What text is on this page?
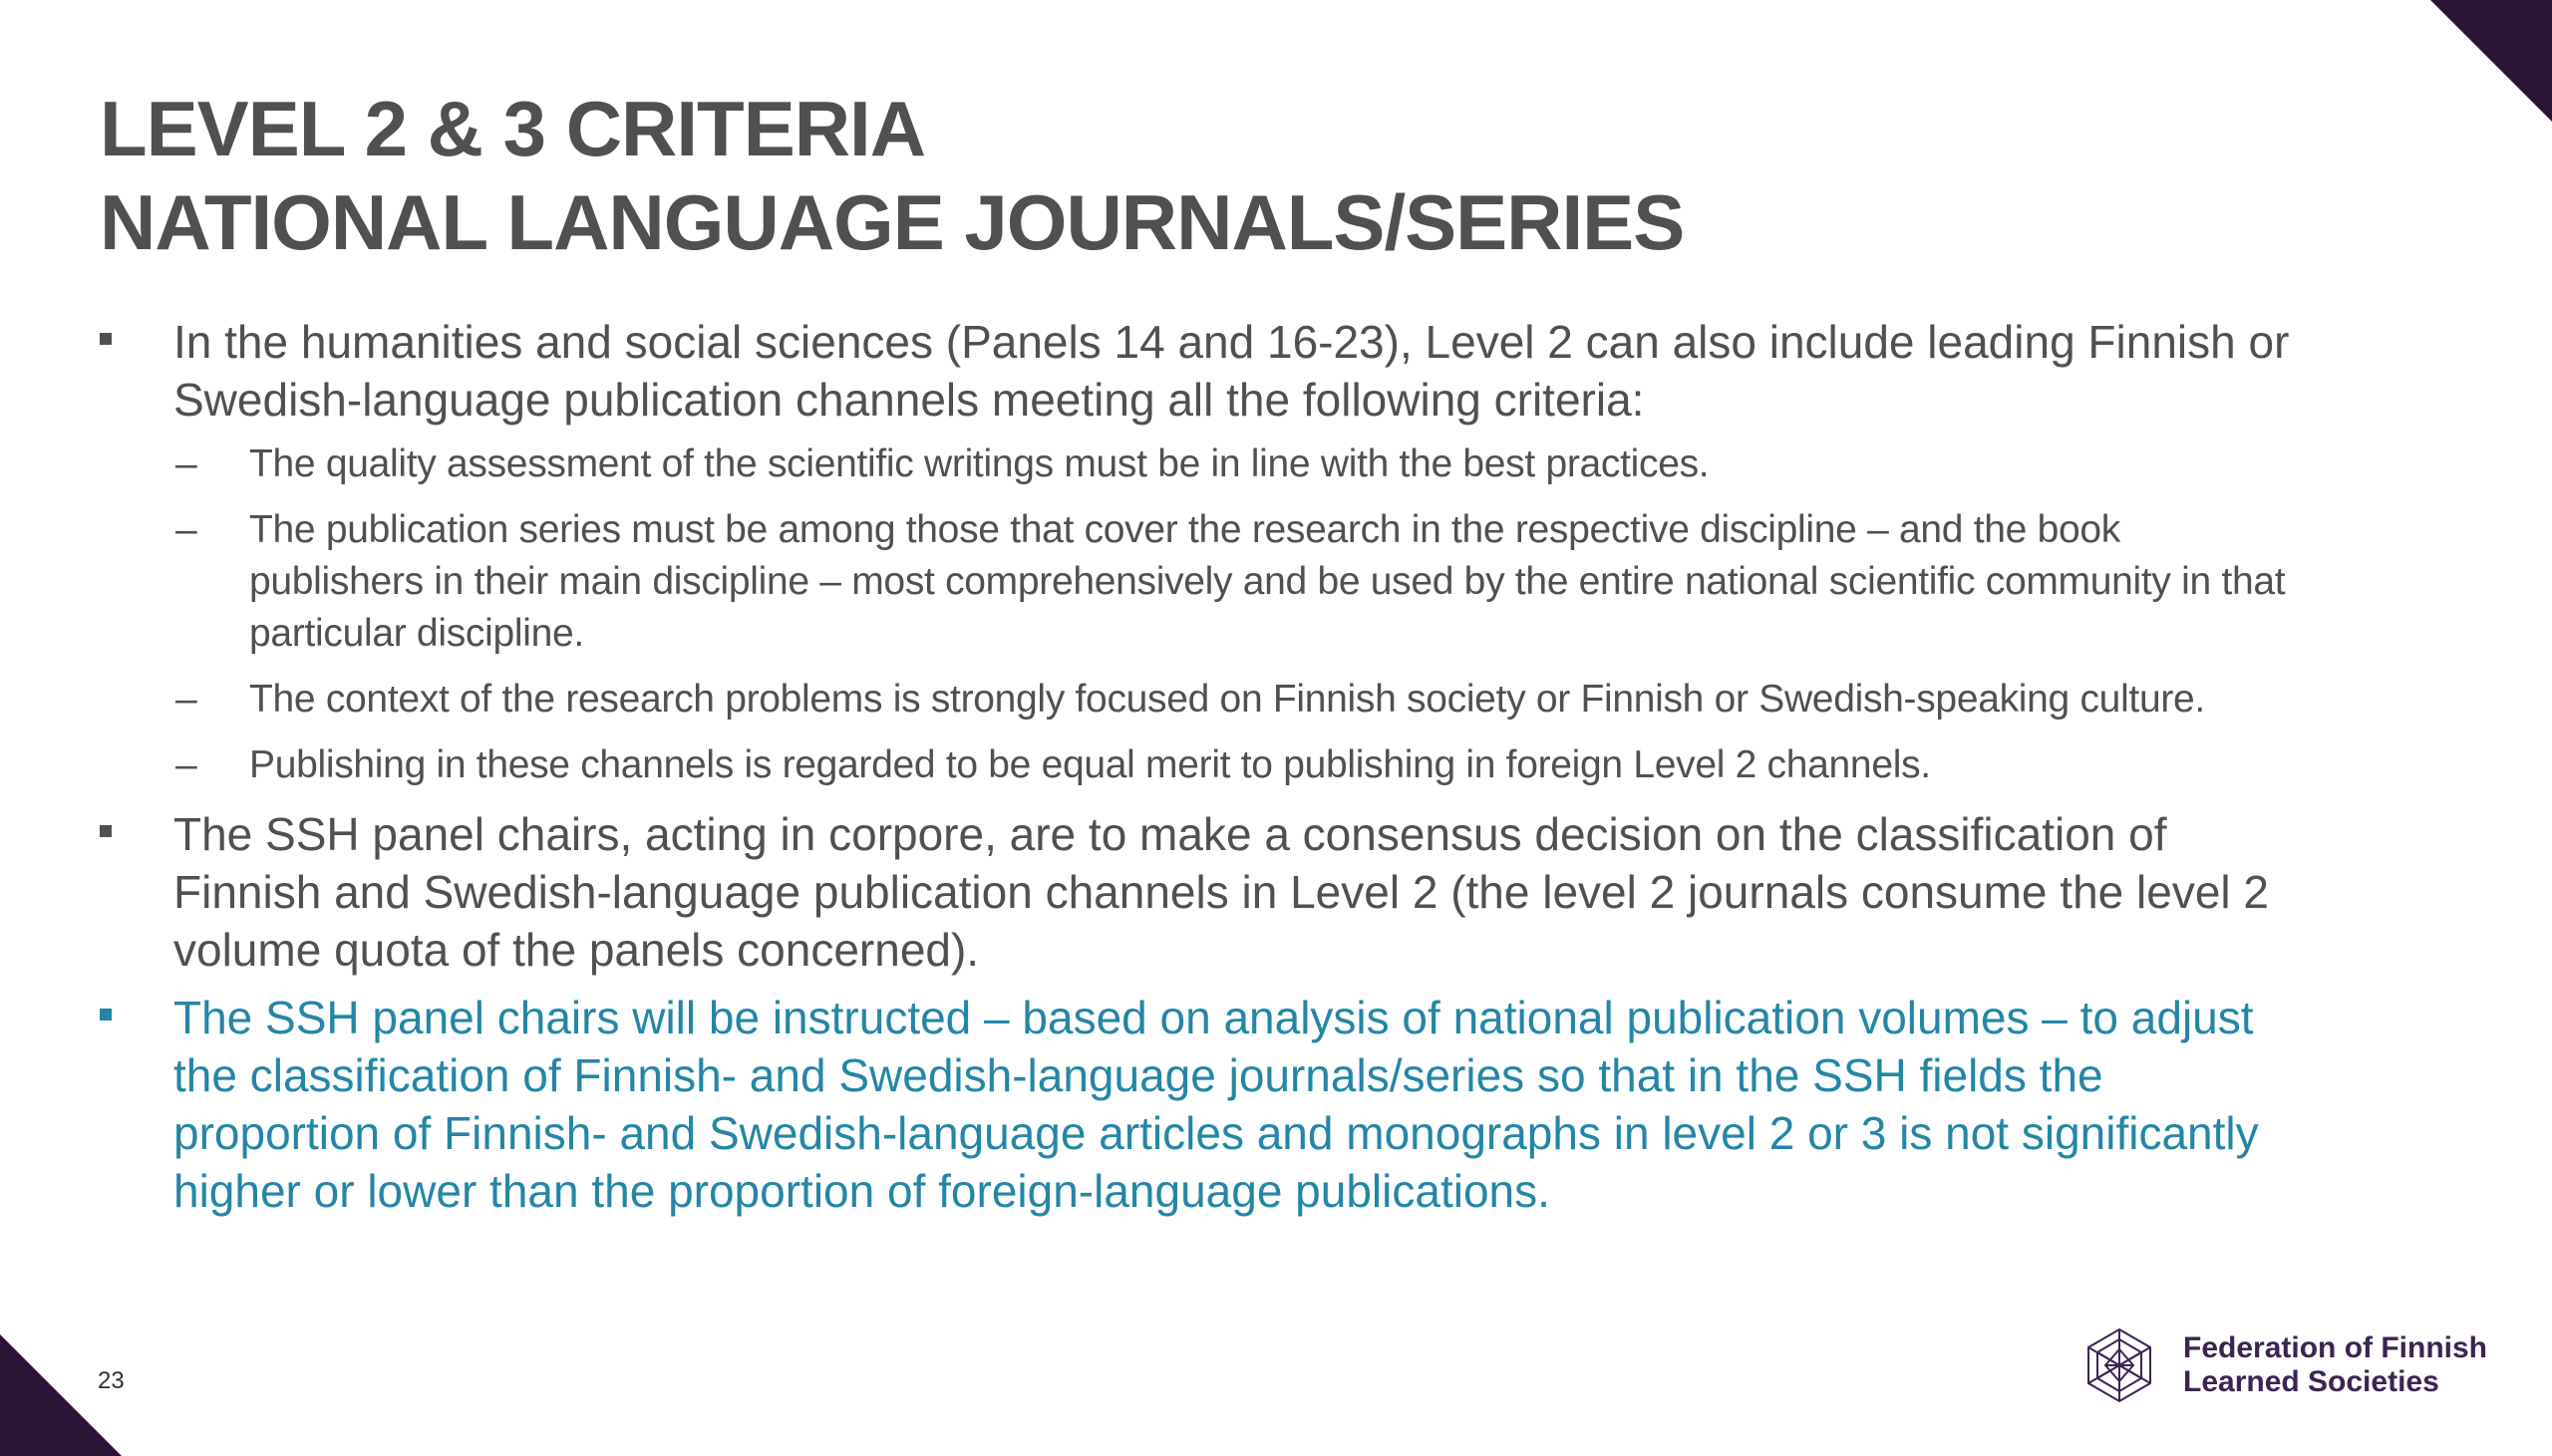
LEVEL 2 & 3 CRITERIA
NATIONAL LANGUAGE JOURNALS/SERIES
In the humanities and social sciences (Panels 14 and 16-23), Level 2 can also include leading Finnish or Swedish-language publication channels meeting all the following criteria:
– The quality assessment of the scientific writings must be in line with the best practices.
– The publication series must be among those that cover the research in the respective discipline – and the book publishers in their main discipline – most comprehensively and be used by the entire national scientific community in that particular discipline.
– The context of the research problems is strongly focused on Finnish society or Finnish or Swedish-speaking culture.
– Publishing in these channels is regarded to be equal merit to publishing in foreign Level 2 channels.
The SSH panel chairs, acting in corpore, are to make a consensus decision on the classification of Finnish and Swedish-language publication channels in Level 2 (the level 2 journals consume the level 2 volume quota of the panels concerned).
The SSH panel chairs will be instructed – based on analysis of national publication volumes – to adjust the classification of Finnish- and Swedish-language journals/series so that in the SSH fields the proportion of Finnish- and Swedish-language articles and monographs in level 2 or 3 is not significantly higher or lower than the proportion of foreign-language publications.
23
Federation of Finnish
Learned Societies
